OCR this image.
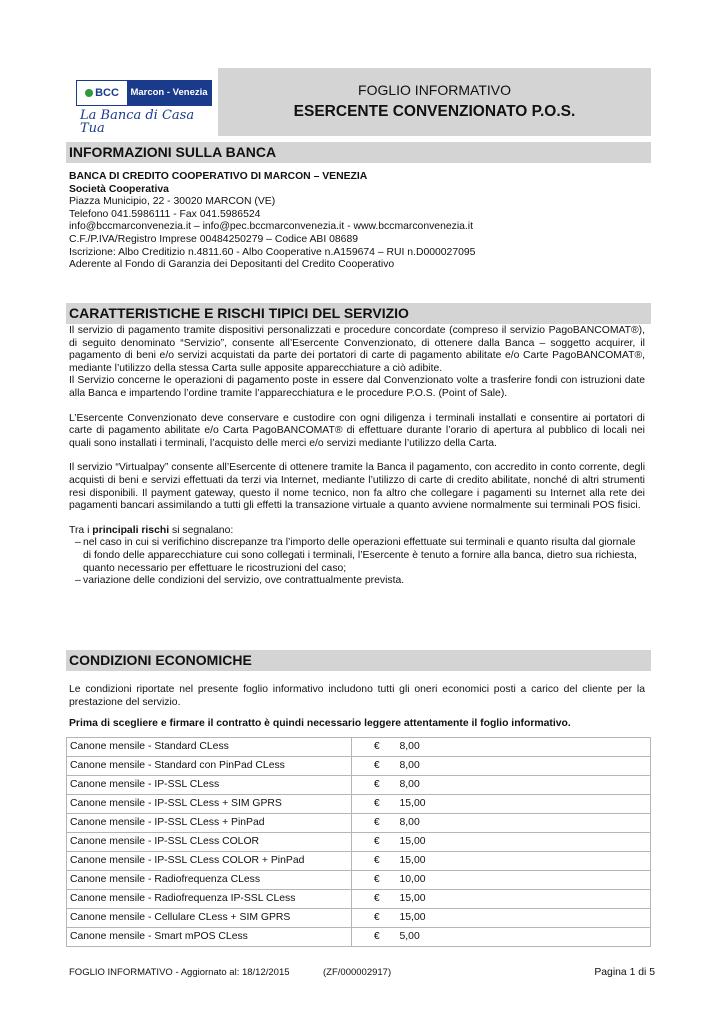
BCC	Marcon - Venezia
La Banca di Casa Tua
FOGLIO INFORMATIVO
ESERCENTE CONVENZIONATO P.O.S.
INFORMAZIONI SULLA BANCA
BANCA DI CREDITO COOPERATIVO DI MARCON – VENEZIA
Società Cooperativa
Piazza Municipio, 22 - 30020 MARCON (VE)
Telefono 041.5986111 - Fax 041.5986524
info@bccmarconvenezia.it – info@pec.bccmarconvenezia.it - www.bccmarconvenezia.it
C.F./P.IVA/Registro Imprese 00484250279 – Codice ABI 08689
Iscrizione: Albo Creditizio n.4811.60 - Albo Cooperative n.A159674 – RUI n.D000027095
Aderente al Fondo di Garanzia dei Depositanti del Credito Cooperativo
CARATTERISTICHE E RISCHI TIPICI DEL SERVIZIO

Il servizio di pagamento tramite dispositivi personalizzati e procedure concordate (compreso il servizio PagoBANCOMAT®), di seguito denominato “Servizio”, consente all’Esercente Convenzionato, di ottenere dalla Banca – soggetto acquirer, il pagamento di beni e/o servizi acquistati da parte dei portatori di carte di pagamento abilitate e/o Carte PagoBANCOMAT®, mediante l’utilizzo della stessa Carta sulle apposite apparecchiature a ciò adibite.

Il Servizio concerne le operazioni di pagamento poste in essere dal Convenzionato volte a trasferire fondi con istruzioni date alla Banca e impartendo l’ordine tramite l’apparecchiatura e le procedure P.O.S. (Point of Sale).

L’Esercente Convenzionato deve conservare e custodire con ogni diligenza i terminali installati e consentire ai portatori di carte di pagamento abilitate e/o Carta PagoBANCOMAT® di effettuare durante l’orario di apertura al pubblico di locali nei quali sono installati i terminali, l’acquisto delle merci e/o servizi mediante l’utilizzo della Carta.

Il servizio “Virtualpay” consente all’Esercente di ottenere tramite la Banca il pagamento, con accredito in conto corrente, degli acquisti di beni e servizi effettuati da terzi via Internet, mediante l’utilizzo di carte di credito abilitate, nonché di altri strumenti resi disponibili. Il payment gateway, questo il nome tecnico, non fa altro che collegare i pagamenti su Internet alla rete dei pagamenti bancari assimilando a tutti gli effetti la transazione virtuale a quanto avviene normalmente sui terminali POS fisici.

Tra i principali rischi si segnalano:

– nel caso in cui si verifichino discrepanze tra l’importo delle operazioni effettuate sui terminali e quanto risulta dal giornale di fondo delle apparecchiature cui sono collegati i terminali, l’Esercente è tenuto a fornire alla banca, dietro sua richiesta, quanto necessario per effettuare le ricostruzioni del caso;
– variazione delle condizioni del servizio, ove contrattualmente prevista.
CONDIZIONI ECONOMICHE

Le condizioni riportate nel presente foglio informativo includono tutti gli oneri economici posti a carico del cliente per la prestazione del servizio.

Prima di scegliere e firmare il contratto è quindi necessario leggere attentamente il foglio informativo.

Canone mensile - Standard CLess	€	8,00
Canone mensile - Standard con PinPad CLess	€	8,00
Canone mensile - IP-SSL CLess	€	8,00
Canone mensile - IP-SSL CLess + SIM GPRS	€	15,00
Canone mensile - IP-SSL CLess + PinPad	€	8,00
Canone mensile - IP-SSL CLess COLOR	€	15,00
Canone mensile - IP-SSL CLess COLOR + PinPad	€	15,00
Canone mensile - Radiofrequenza CLess	€	10,00
Canone mensile - Radiofrequenza IP-SSL CLess	€	15,00
Canone mensile - Cellulare CLess + SIM GPRS	€	15,00
Canone mensile - Smart mPOS CLess	€	5,00
FOGLIO INFORMATIVO - Aggiornato al: 18/12/2015	(ZF/000002917)	Pagina 1 di 5
